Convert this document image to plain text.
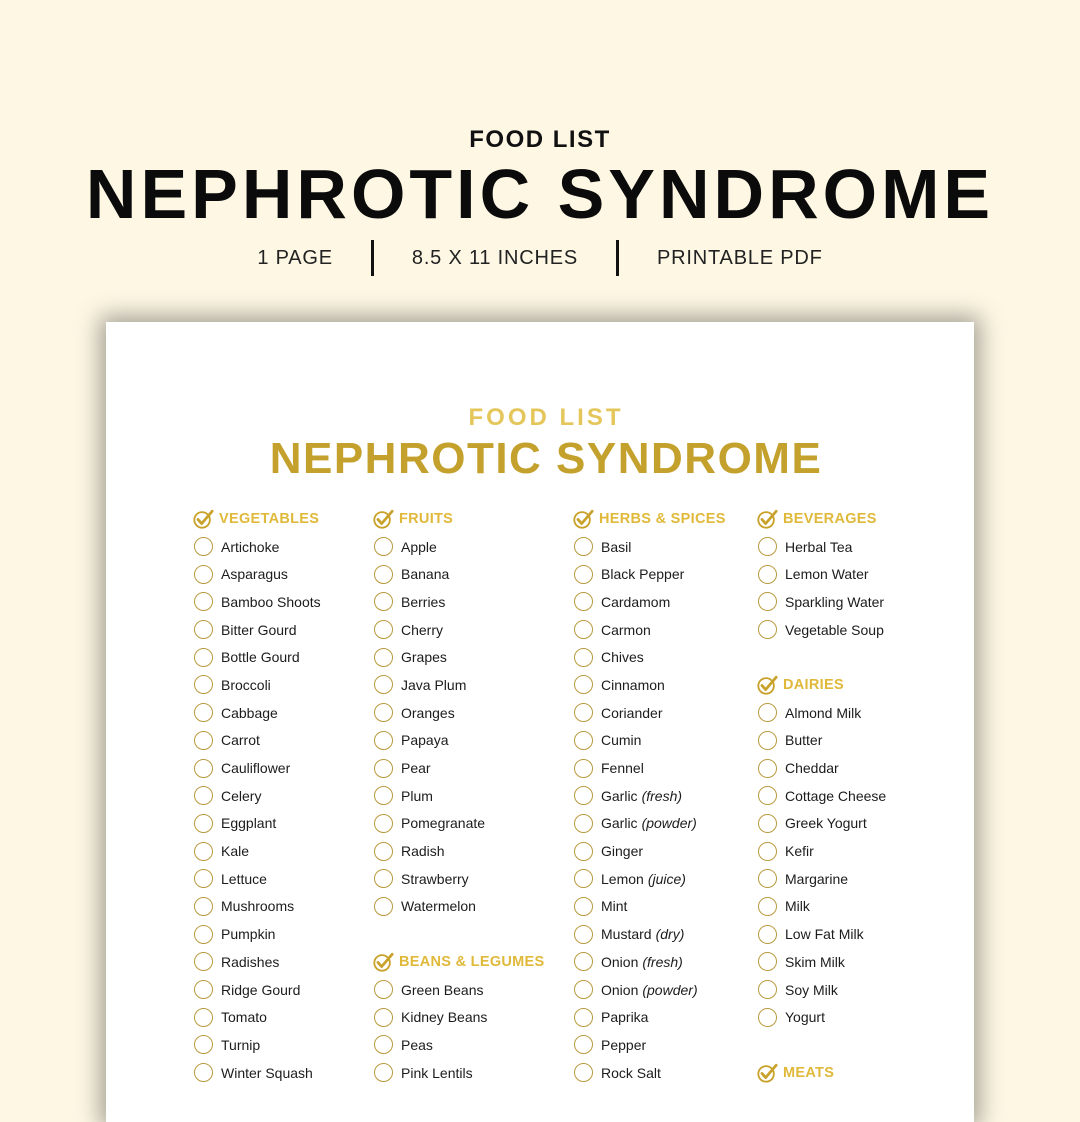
FOOD LIST
NEPHROTIC SYNDROME
1 PAGE	8.5 X 11 INCHES	PRINTABLE PDF
FOOD LIST
NEPHROTIC SYNDROME
VEGETABLES
Artichoke
Asparagus
Bamboo Shoots
Bitter Gourd
Bottle Gourd
Broccoli
Cabbage
Carrot
Cauliflower
Celery
Eggplant
Kale
Lettuce
Mushrooms
Pumpkin
Radishes
Ridge Gourd
Tomato
Turnip
Winter Squash
FRUITS
Apple
Banana
Berries
Cherry
Grapes
Java Plum
Oranges
Papaya
Pear
Plum
Pomegranate
Radish
Strawberry
Watermelon
BEANS & LEGUMES
Green Beans
Kidney Beans
Peas
Pink Lentils
HERBS & SPICES
Basil
Black Pepper
Cardamom
Carmon
Chives
Cinnamon
Coriander
Cumin
Fennel
Garlic (fresh)
Garlic (powder)
Ginger
Lemon (juice)
Mint
Mustard (dry)
Onion (fresh)
Onion (powder)
Paprika
Pepper
Rock Salt
BEVERAGES
Herbal Tea
Lemon Water
Sparkling Water
Vegetable Soup
DAIRIES
Almond Milk
Butter
Cheddar
Cottage Cheese
Greek Yogurt
Kefir
Margarine
Milk
Low Fat Milk
Skim Milk
Soy Milk
Yogurt
MEATS
